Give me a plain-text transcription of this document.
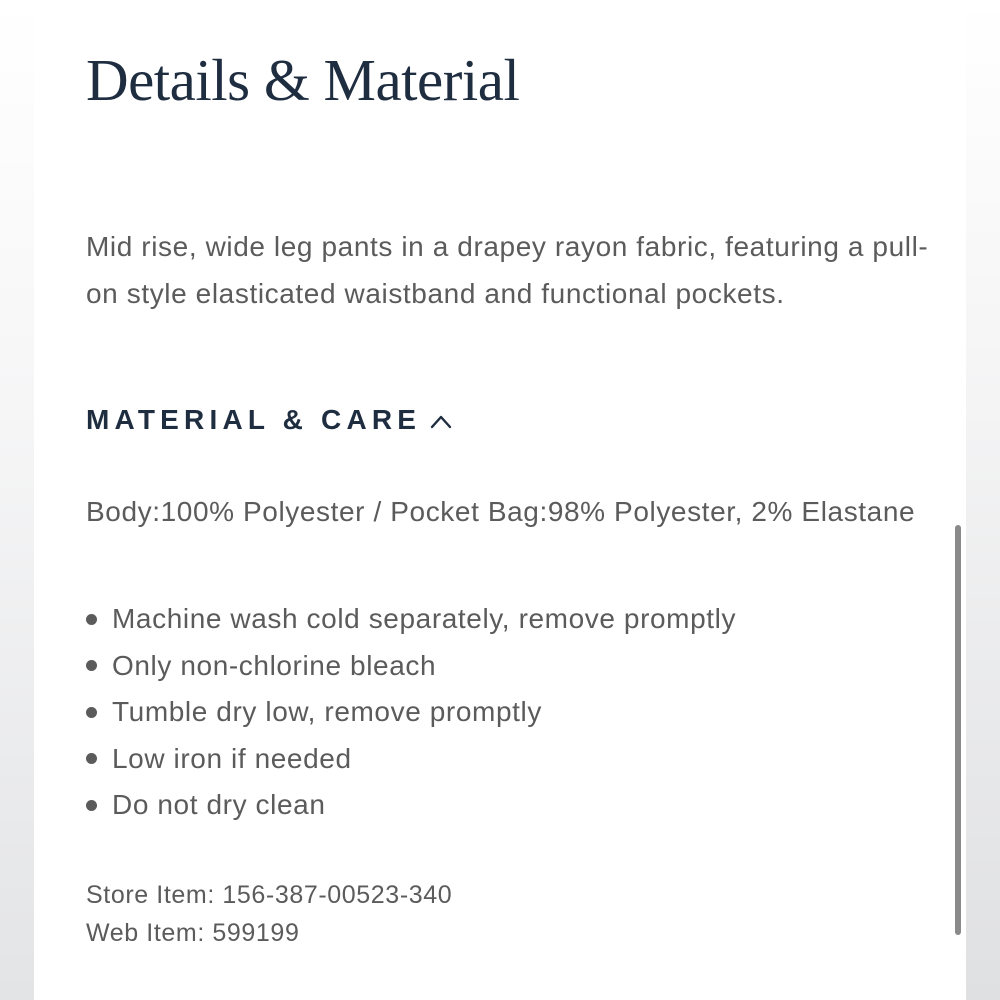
Details & Material

Mid rise, wide leg pants in a drapey rayon fabric, featuring a pull-on style elasticated waistband and functional pockets.

MATERIAL & CARE

Body:100% Polyester / Pocket Bag:98% Polyester, 2% Elastane

Machine wash cold separately, remove promptly
Only non-chlorine bleach
Tumble dry low, remove promptly
Low iron if needed
Do not dry clean
Store Item: 156-387-00523-340
Web Item: 599199
